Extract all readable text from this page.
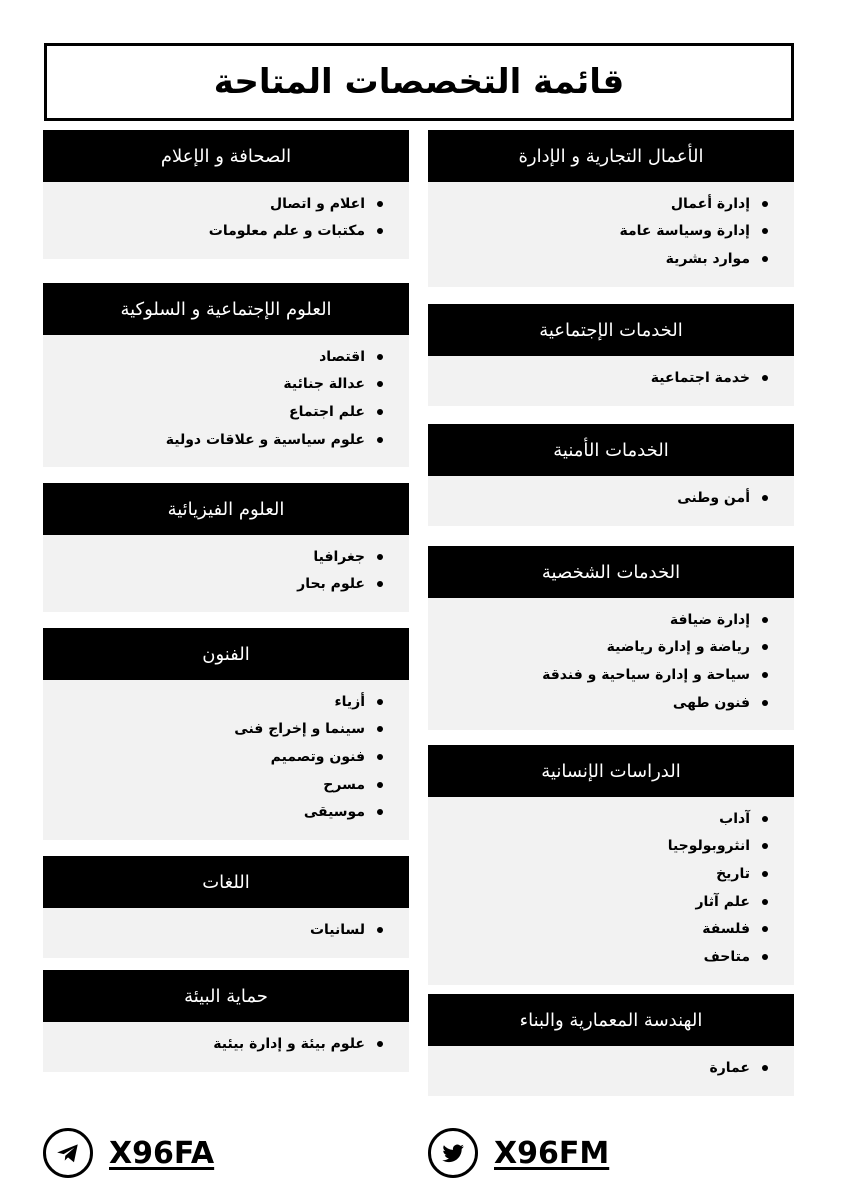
قائمة التخصصات المتاحة
الأعمال التجارية و الإدارة
إدارة أعمال
إدارة وسياسة عامة
موارد بشرية
الخدمات الإجتماعية
خدمة اجتماعية
الخدمات الأمنية
أمن وطنى
الخدمات الشخصية
إدارة ضيافة
رياضة و إدارة رياضية
سياحة و إدارة سياحية و فندقة
فنون طهى
الدراسات الإنسانية
آداب
انثروبولوجيا
تاريخ
علم آثار
فلسفة
متاحف
الهندسة المعمارية والبناء
عمارة
الصحافة و الإعلام
اعلام و اتصال
مكتبات و علم معلومات
العلوم الإجتماعية و السلوكية
اقتصاد
عدالة جنائية
علم اجتماع
علوم سياسية و علاقات دولية
العلوم الفيزيائية
جغرافيا
علوم بحار
الفنون
أزياء
سينما و إخراج فنى
فنون وتصميم
مسرح
موسيقى
اللغات
لسانيات
حماية البيئة
علوم بيئة و إدارة بيئية
X96FA	X96FM
